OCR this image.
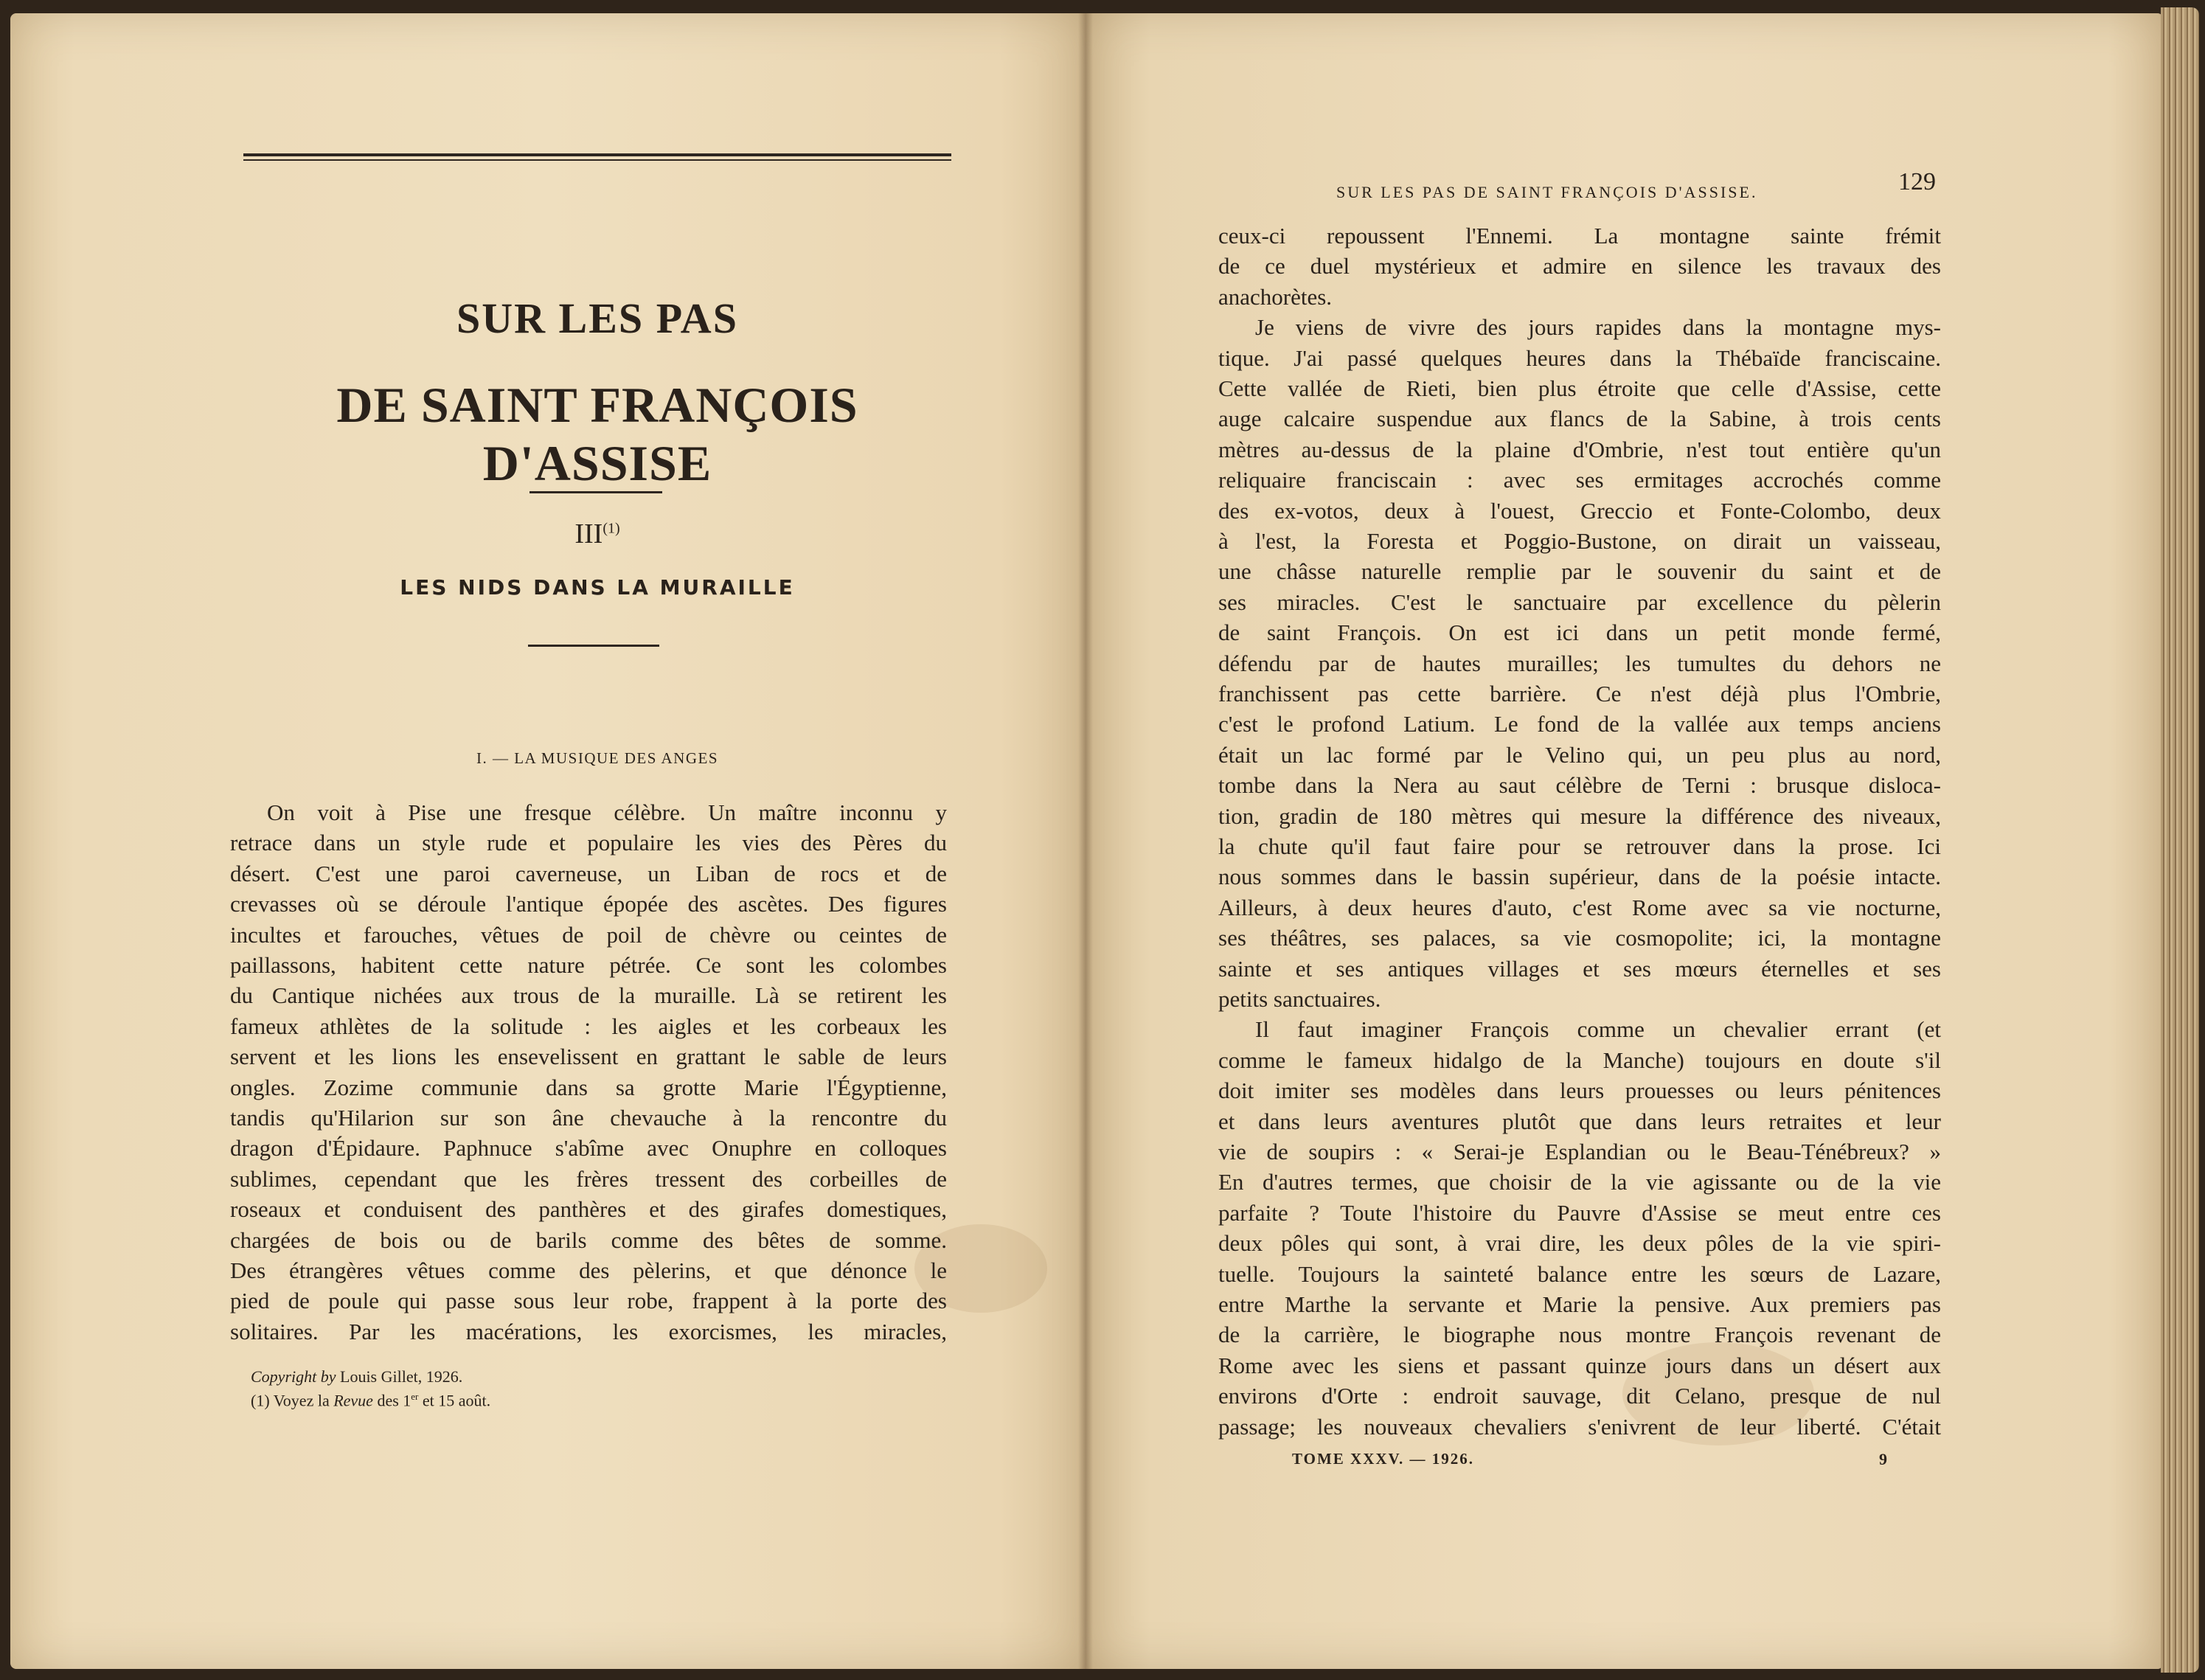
SUR LES PAS
DE SAINT FRANÇOIS D'ASSISE
III$^{(1)}$
LES NIDS DANS LA MURAILLE
I. — LA MUSIQUE DES ANGES
On voit à Pise une fresque célèbre. Un maître inconnu y
retrace dans un style rude et populaire les vies des Pères du
désert. C'est une paroi caverneuse, un Liban de rocs et de
crevasses où se déroule l'antique épopée des ascètes. Des figures
incultes et farouches, vêtues de poil de chèvre ou ceintes de
paillassons, habitent cette nature pétrée. Ce sont les colombes
du Cantique nichées aux trous de la muraille. Là se retirent les
fameux athlètes de la solitude : les aigles et les corbeaux les
servent et les lions les ensevelissent en grattant le sable de leurs
ongles. Zozime communie dans sa grotte Marie l'Égyptienne,
tandis qu'Hilarion sur son âne chevauche à la rencontre du
dragon d'Épidaure. Paphnuce s'abîme avec Onuphre en colloques
sublimes, cependant que les frères tressent des corbeilles de
roseaux et conduisent des panthères et des girafes domestiques,
chargées de bois ou de barils comme des bêtes de somme.
Des étrangères vêtues comme des pèlerins, et que dénonce le
pied de poule qui passe sous leur robe, frappent à la porte des
solitaires. Par les macérations, les exorcismes, les miracles,
Copyright by Louis Gillet, 1926.
(1) Voyez la Revue des 1er et 15 août.
SUR LES PAS DE SAINT FRANÇOIS D'ASSISE.	129
ceux-ci repoussent l'Ennemi. La montagne sainte frémit
de ce duel mystérieux et admire en silence les travaux des
anachorètes.
Je viens de vivre des jours rapides dans la montagne mys-
tique. J'ai passé quelques heures dans la Thébaïde franciscaine.
Cette vallée de Rieti, bien plus étroite que celle d'Assise, cette
auge calcaire suspendue aux flancs de la Sabine, à trois cents
mètres au-dessus de la plaine d'Ombrie, n'est tout entière qu'un
reliquaire franciscain : avec ses ermitages accrochés comme
des ex-votos, deux à l'ouest, Greccio et Fonte-Colombo, deux
à l'est, la Foresta et Poggio-Bustone, on dirait un vaisseau,
une châsse naturelle remplie par le souvenir du saint et de
ses miracles. C'est le sanctuaire par excellence du pèlerin
de saint François. On est ici dans un petit monde fermé,
défendu par de hautes murailles; les tumultes du dehors ne
franchissent pas cette barrière. Ce n'est déjà plus l'Ombrie,
c'est le profond Latium. Le fond de la vallée aux temps anciens
était un lac formé par le Velino qui, un peu plus au nord,
tombe dans la Nera au saut célèbre de Terni : brusque disloca-
tion, gradin de 180 mètres qui mesure la différence des niveaux,
la chute qu'il faut faire pour se retrouver dans la prose. Ici
nous sommes dans le bassin supérieur, dans de la poésie intacte.
Ailleurs, à deux heures d'auto, c'est Rome avec sa vie nocturne,
ses théâtres, ses palaces, sa vie cosmopolite; ici, la montagne
sainte et ses antiques villages et ses mœurs éternelles et ses
petits sanctuaires.
Il faut imaginer François comme un chevalier errant (et
comme le fameux hidalgo de la Manche) toujours en doute s'il
doit imiter ses modèles dans leurs prouesses ou leurs pénitences
et dans leurs aventures plutôt que dans leurs retraites et leur
vie de soupirs : « Serai-je Esplandian ou le Beau-Ténébreux? »
En d'autres termes, que choisir de la vie agissante ou de la vie
parfaite ? Toute l'histoire du Pauvre d'Assise se meut entre ces
deux pôles qui sont, à vrai dire, les deux pôles de la vie spiri-
tuelle. Toujours la sainteté balance entre les sœurs de Lazare,
entre Marthe la servante et Marie la pensive. Aux premiers pas
de la carrière, le biographe nous montre François revenant de
Rome avec les siens et passant quinze jours dans un désert aux
environs d'Orte : endroit sauvage, dit Celano, presque de nul
passage; les nouveaux chevaliers s'enivrent de leur liberté. C'était
TOME XXXV. — 1926.	9
